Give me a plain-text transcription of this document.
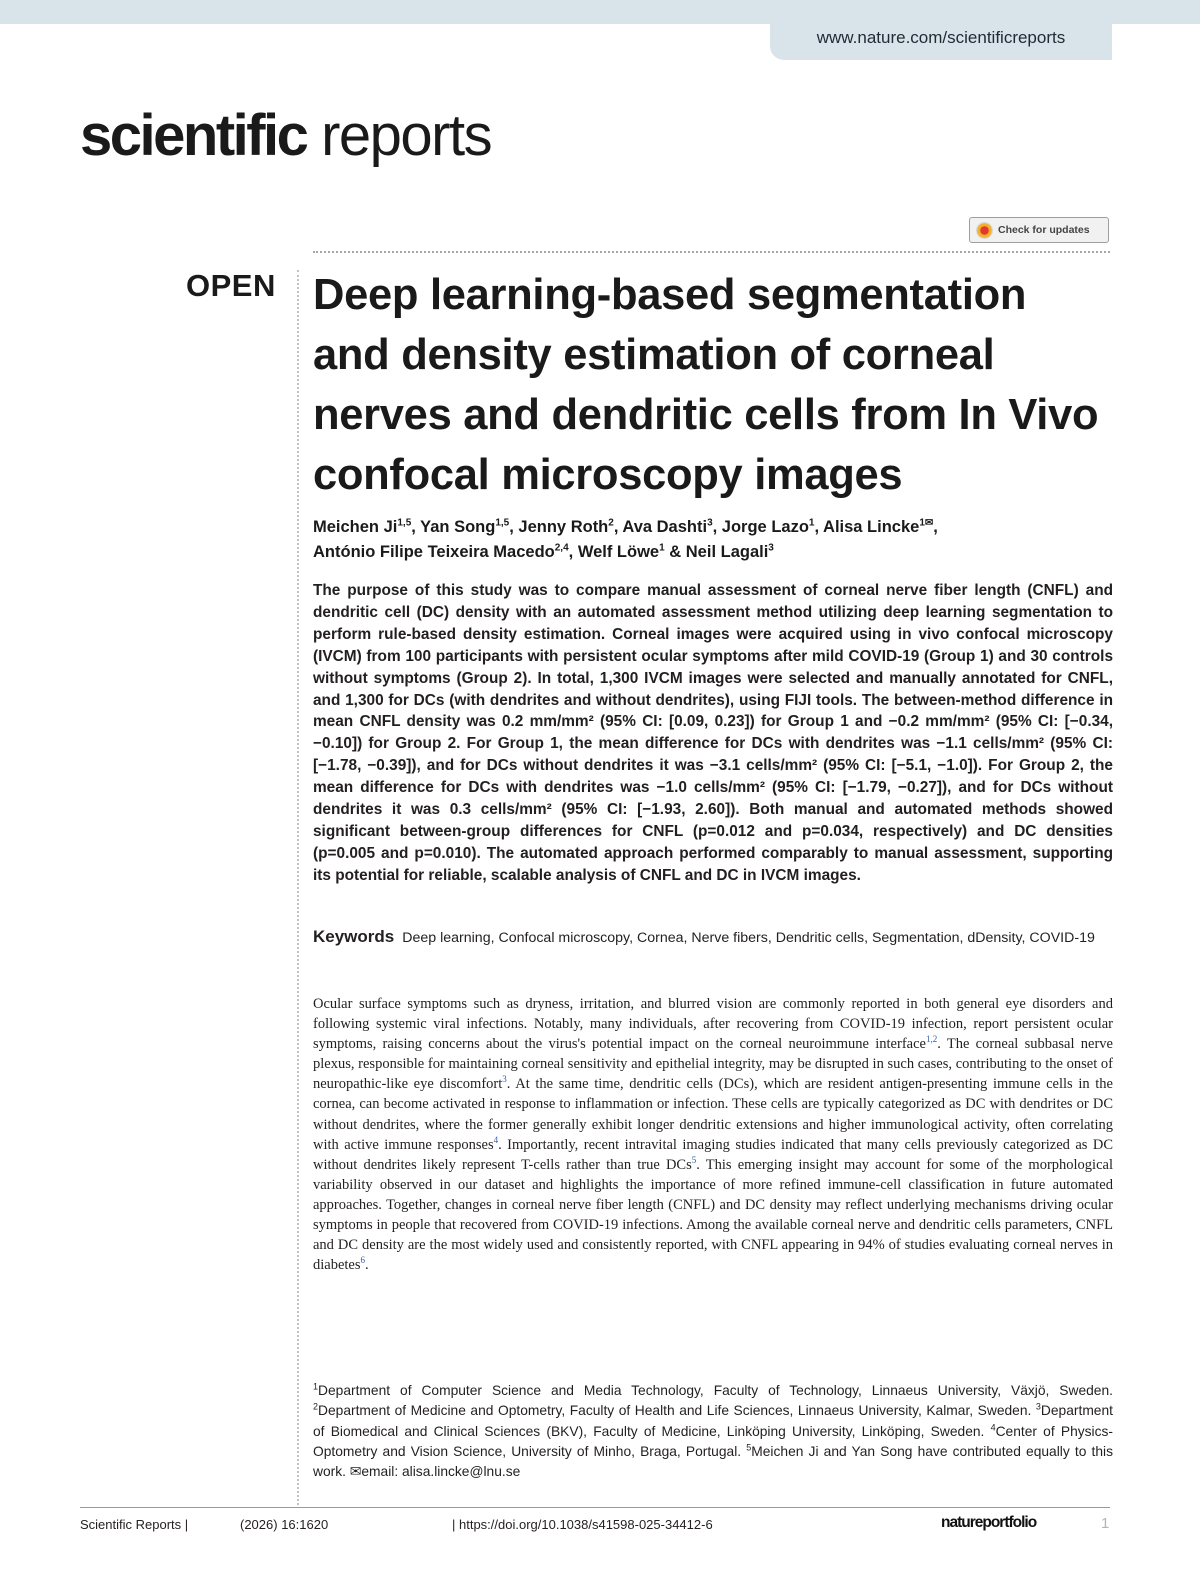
www.nature.com/scientificreports
scientific reports
Check for updates
OPEN Deep learning-based segmentation and density estimation of corneal nerves and dendritic cells from In Vivo confocal microscopy images
Meichen Ji$^{1,5}$, Yan Song$^{1,5}$, Jenny Roth$^2$, Ava Dashti$^3$, Jorge Lazo$^1$, Alisa Lincke$^{1✉}$,
António Filipe Teixeira Macedo$^{2,4}$, Welf Löwe$^1$ & Neil Lagali$^3$

The purpose of this study was to compare manual assessment of corneal nerve fiber length (CNFL) and dendritic cell (DC) density with an automated assessment method utilizing deep learning segmentation to perform rule-based density estimation. Corneal images were acquired using in vivo confocal microscopy (IVCM) from 100 participants with persistent ocular symptoms after mild COVID-19 (Group 1) and 30 controls without symptoms (Group 2). In total, 1,300 IVCM images were selected and manually annotated for CNFL, and 1,300 for DCs (with dendrites and without dendrites), using FIJI tools. The between-method difference in mean CNFL density was 0.2 mm/mm² (95% CI: [0.09, 0.23]) for Group 1 and −0.2 mm/mm² (95% CI: [−0.34, −0.10]) for Group 2. For Group 1, the mean difference for DCs with dendrites was −1.1 cells/mm² (95% CI: [−1.78, −0.39]), and for DCs without dendrites it was −3.1 cells/mm² (95% CI: [−5.1, −1.0]). For Group 2, the mean difference for DCs with dendrites was −1.0 cells/mm² (95% CI: [−1.79, −0.27]), and for DCs without dendrites it was 0.3 cells/mm² (95% CI: [−1.93, 2.60]). Both manual and automated methods showed significant between-group differences for CNFL (p=0.012 and p=0.034, respectively) and DC densities (p=0.005 and p=0.010). The automated approach performed comparably to manual assessment, supporting its potential for reliable, scalable analysis of CNFL and DC in IVCM images.

Keywords Deep learning, Confocal microscopy, Cornea, Nerve fibers, Dendritic cells, Segmentation, dDensity, COVID-19

Ocular surface symptoms such as dryness, irritation, and blurred vision are commonly reported in both general eye disorders and following systemic viral infections. Notably, many individuals, after recovering from COVID-19 infection, report persistent ocular symptoms, raising concerns about the virus's potential impact on the corneal neuroimmune interface$^{1,2}$. The corneal subbasal nerve plexus, responsible for maintaining corneal sensitivity and epithelial integrity, may be disrupted in such cases, contributing to the onset of neuropathic-like eye discomfort$^3$. At the same time, dendritic cells (DCs), which are resident antigen-presenting immune cells in the cornea, can become activated in response to inflammation or infection. These cells are typically categorized as DC with dendrites or DC without dendrites, where the former generally exhibit longer dendritic extensions and higher immunological activity, often correlating with active immune responses$^4$. Importantly, recent intravital imaging studies indicated that many cells previously categorized as DC without dendrites likely represent T-cells rather than true DCs$^5$. This emerging insight may account for some of the morphological variability observed in our dataset and highlights the importance of more refined immune-cell classification in future automated approaches. Together, changes in corneal nerve fiber length (CNFL) and DC density may reflect underlying mechanisms driving ocular symptoms in people that recovered from COVID-19 infections. Among the available corneal nerve and dendritic cells parameters, CNFL and DC density are the most widely used and consistently reported, with CNFL appearing in 94% of studies evaluating corneal nerves in diabetes$^6$.

$^1$Department of Computer Science and Media Technology, Faculty of Technology, Linnaeus University, Växjö, Sweden. $^2$Department of Medicine and Optometry, Faculty of Health and Life Sciences, Linnaeus University, Kalmar, Sweden. $^3$Department of Biomedical and Clinical Sciences (BKV), Faculty of Medicine, Linköping University, Linköping, Sweden. $^4$Center of Physics-Optometry and Vision Science, University of Minho, Braga, Portugal. $^5$Meichen Ji and Yan Song have contributed equally to this work. ✉email: alisa.lincke@lnu.se

Scientific Reports |	(2026) 16:1620	| https://doi.org/10.1038/s41598-025-34412-6	natureportfolio	1
